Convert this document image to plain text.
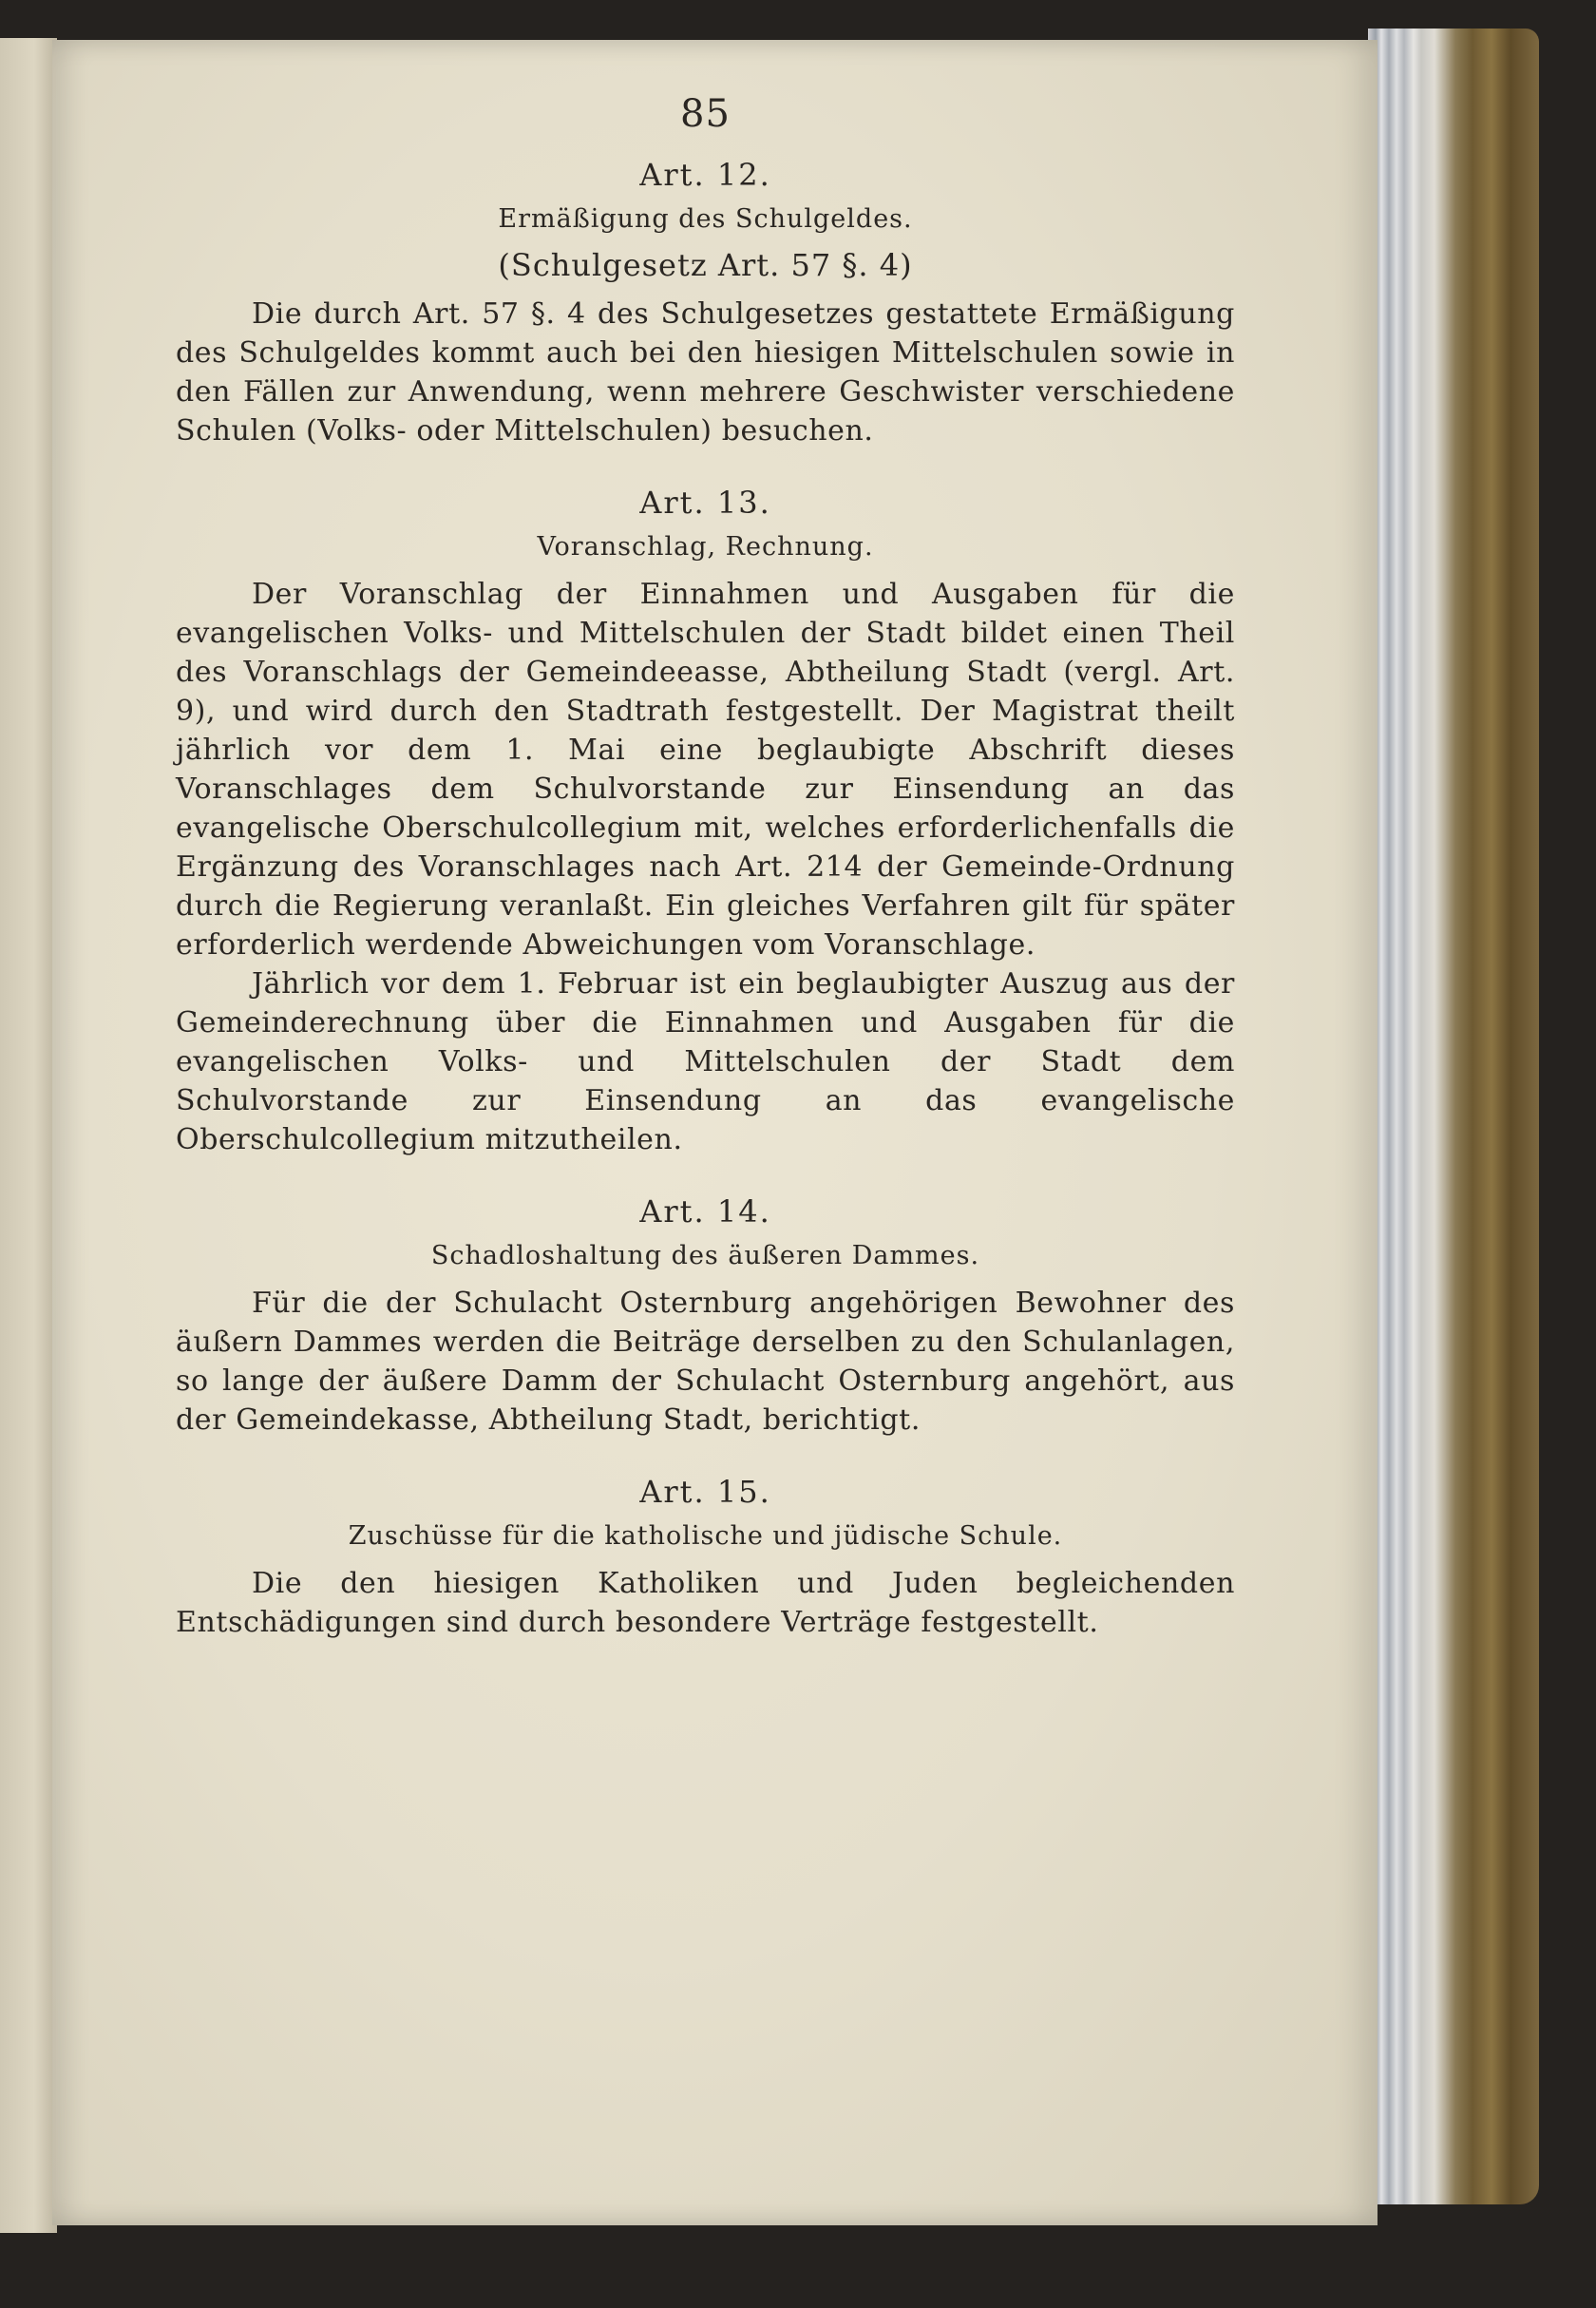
85
Art. 12.
Ermäßigung des Schulgeldes.
(Schulgesetz Art. 57 §. 4)

Die durch Art. 57 §. 4 des Schulgesetzes gestattete Ermäßigung des Schulgeldes kommt auch bei den hiesigen Mittelschulen sowie in den Fällen zur Anwendung, wenn mehrere Geschwister verschiedene Schulen (Volks- oder Mittelschulen) besuchen.

Art. 13.
Voranschlag, Rechnung.

Der Voranschlag der Einnahmen und Ausgaben für die evangelischen Volks- und Mittelschulen der Stadt bildet einen Theil des Voranschlags der Gemeindeeasse, Abtheilung Stadt (vergl. Art. 9), und wird durch den Stadtrath festgestellt. Der Magistrat theilt jährlich vor dem 1. Mai eine beglaubigte Abschrift dieses Voranschlages dem Schulvorstande zur Einsendung an das evangelische Oberschulcollegium mit, welches erforderlichenfalls die Ergänzung des Voranschlages nach Art. 214 der Gemeinde-Ordnung durch die Regierung veranlaßt. Ein gleiches Verfahren gilt für später erforderlich werdende Abweichungen vom Voranschlage.

Jährlich vor dem 1. Februar ist ein beglaubigter Auszug aus der Gemeinderechnung über die Einnahmen und Ausgaben für die evangelischen Volks- und Mittelschulen der Stadt dem Schulvorstande zur Einsendung an das evangelische Oberschulcollegium mitzutheilen.

Art. 14.
Schadloshaltung des äußeren Dammes.

Für die der Schulacht Osternburg angehörigen Bewohner des äußern Dammes werden die Beiträge derselben zu den Schulanlagen, so lange der äußere Damm der Schulacht Osternburg angehört, aus der Gemeindekasse, Abtheilung Stadt, berichtigt.

Art. 15.
Zuschüsse für die katholische und jüdische Schule.

Die den hiesigen Katholiken und Juden begleichenden Entschädigungen sind durch besondere Verträge festgestellt.
